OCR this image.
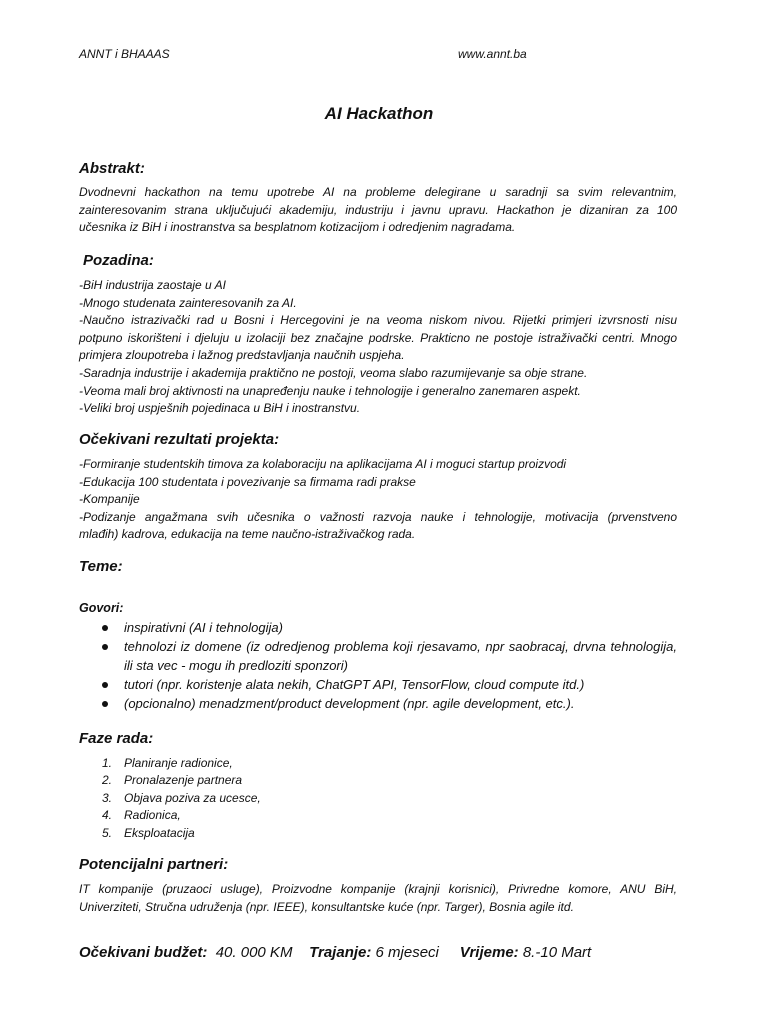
ANNT i BHAAAS	www.annt.ba
AI Hackathon
Abstrakt:
Dvodnevni hackathon na temu upotrebe AI na probleme delegirane u saradnji sa svim relevantnim,
zainteresovanim strana uključujući akademiju, industriju i javnu upravu. Hackathon je dizaniran za 100
učesnika iz BiH i inostranstva sa besplatnom kotizacijom i odredjenim nagradama.
Pozadina:
-BiH industrija zaostaje u AI
-Mnogo studenata zainteresovanih za AI.
-Naučno istrazivački rad u Bosni i Hercegovini je na veoma niskom nivou. Rijetki primjeri izvrsnosti nisu
potpuno iskorišteni i djeluju u izolaciji bez značajne podrske. Prakticno ne postoje istraživački centri. Mnogo
primjera zloupotreba i lažnog predstavljanja naučnih uspjeha.
-Saradnja industrije i akademija praktično ne postoji, veoma slabo razumijevanje sa obje strane.
-Veoma mali broj aktivnosti na unapređenju nauke i tehnologije i generalno zanemaren aspekt.
-Veliki broj uspješnih pojedinaca u BiH i inostranstvu.
Očekivani rezultati projekta:
-Formiranje studentskih timova za kolaboraciju na aplikacijama AI i moguci startup proizvodi
-Edukacija 100 studentata i povezivanje sa firmama radi prakse
-Kompanije
-Podizanje angažmana svih učesnika o važnosti razvoja nauke i tehnologije, motivacija (prvenstveno
mlađih) kadrova, edukacija na teme naučno-istraživačkog rada.
Teme:
Govori:
inspirativni (AI i tehnologija)
tehnolozi iz domene (iz odredjenog problema koji rjesavamo, npr saobracaj, drvna tehnologija, ili sta vec - mogu ih predloziti sponzori)
tutori (npr. koristenje alata nekih, ChatGPT API, TensorFlow, cloud compute itd.)
(opcionalno) menadzment/product development (npr. agile development, etc.).
Faze rada:
1. Planiranje radionice,
2. Pronalazenje partnera
3. Objava poziva za ucesce,
4. Radionica,
5. Eksploatacija
Potencijalni partneri:
IT kompanije (pruzaoci usluge), Proizvodne kompanije (krajnji korisnici), Privredne komore, ANU BiH,
Univerziteti, Stručna udruženja (npr. IEEE), konsultantske kuće (npr. Targer), Bosnia agile itd.
Očekivani budžet: 40. 000 KM Trajanje: 6 mjeseci Vrijeme: 8.-10 Mart
